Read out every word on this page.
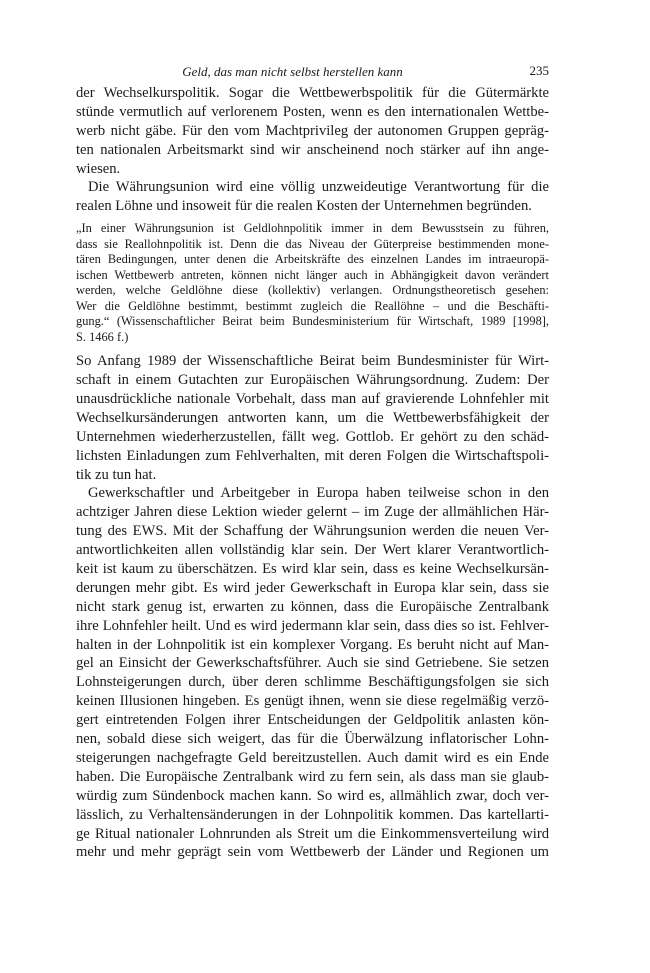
Geld, das man nicht selbst herstellen kann	235
der Wechselkurspolitik. Sogar die Wettbewerbspolitik für die Gütermärkte
stünde vermutlich auf verlorenem Posten, wenn es den internationalen Wettbe-
werb nicht gäbe. Für den vom Machtprivileg der autonomen Gruppen gepräg-
ten nationalen Arbeitsmarkt sind wir anscheinend noch stärker auf ihn ange-
wiesen.
Die Währungsunion wird eine völlig unzweideutige Verantwortung für die
realen Löhne und insoweit für die realen Kosten der Unternehmen begründen.
„In einer Währungsunion ist Geldlohnpolitik immer in dem Bewusstsein zu führen,
dass sie Reallohnpolitik ist. Denn die das Niveau der Güterpreise bestimmenden mone-
tären Bedingungen, unter denen die Arbeitskräfte des einzelnen Landes im intraeuropä-
ischen Wettbewerb antreten, können nicht länger auch in Abhängigkeit davon verändert
werden, welche Geldlöhne diese (kollektiv) verlangen. Ordnungstheoretisch gesehen:
Wer die Geldlöhne bestimmt, bestimmt zugleich die Reallöhne – und die Beschäfti-
gung.“ (Wissenschaftlicher Beirat beim Bundesministerium für Wirtschaft, 1989 [1998],
S. 1466 f.)
So Anfang 1989 der Wissenschaftliche Beirat beim Bundesminister für Wirt-
schaft in einem Gutachten zur Europäischen Währungsordnung. Zudem: Der
unausdrückliche nationale Vorbehalt, dass man auf gravierende Lohnfehler mit
Wechselkursänderungen antworten kann, um die Wettbewerbsfähigkeit der
Unternehmen wiederherzustellen, fällt weg. Gottlob. Er gehört zu den schäd-
lichsten Einladungen zum Fehlverhalten, mit deren Folgen die Wirtschaftspoli-
tik zu tun hat.
Gewerkschaftler und Arbeitgeber in Europa haben teilweise schon in den
achtziger Jahren diese Lektion wieder gelernt – im Zuge der allmählichen Här-
tung des EWS. Mit der Schaffung der Währungsunion werden die neuen Ver-
antwortlichkeiten allen vollständig klar sein. Der Wert klarer Verantwortlich-
keit ist kaum zu überschätzen. Es wird klar sein, dass es keine Wechselkursän-
derungen mehr gibt. Es wird jeder Gewerkschaft in Europa klar sein, dass sie
nicht stark genug ist, erwarten zu können, dass die Europäische Zentralbank
ihre Lohnfehler heilt. Und es wird jedermann klar sein, dass dies so ist. Fehlver-
halten in der Lohnpolitik ist ein komplexer Vorgang. Es beruht nicht auf Man-
gel an Einsicht der Gewerkschaftsführer. Auch sie sind Getriebene. Sie setzen
Lohnsteigerungen durch, über deren schlimme Beschäftigungsfolgen sie sich
keinen Illusionen hingeben. Es genügt ihnen, wenn sie diese regelmäßig verzö-
gert eintretenden Folgen ihrer Entscheidungen der Geldpolitik anlasten kön-
nen, sobald diese sich weigert, das für die Überwälzung inflatorischer Lohn-
steigerungen nachgefragte Geld bereitzustellen. Auch damit wird es ein Ende
haben. Die Europäische Zentralbank wird zu fern sein, als dass man sie glaub-
würdig zum Sündenbock machen kann. So wird es, allmählich zwar, doch ver-
lässlich, zu Verhaltensänderungen in der Lohnpolitik kommen. Das kartellarti-
ge Ritual nationaler Lohnrunden als Streit um die Einkommensverteilung wird
mehr und mehr geprägt sein vom Wettbewerb der Länder und Regionen um
